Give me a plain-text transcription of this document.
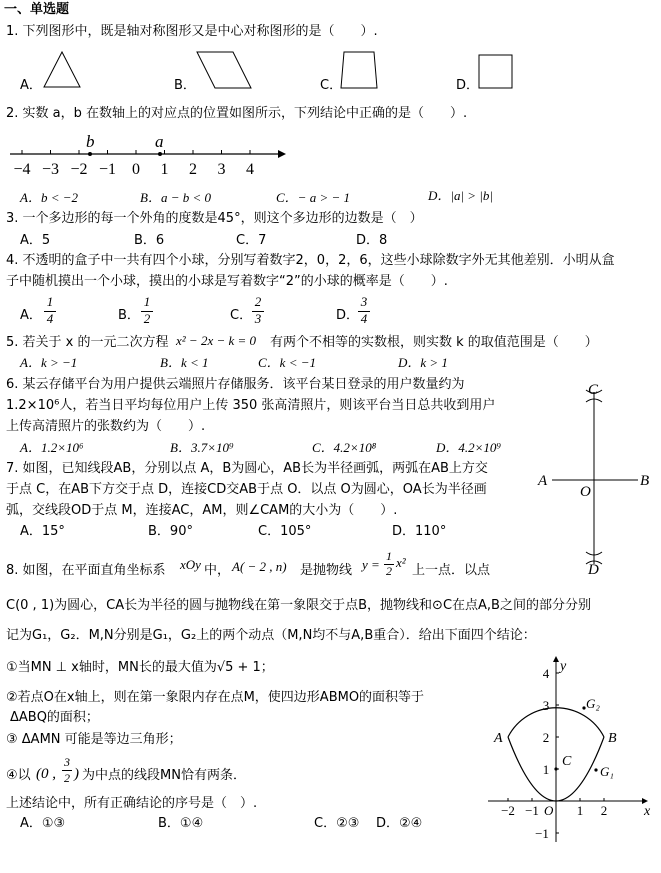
一、单选题
1. 下列图形中，既是轴对称图形又是中心对称图形的是（　　）.
A．	B．	C．	D．
2. 实数 a，b 在数轴上的对应点的位置如图所示，下列结论中正确的是（　　）.
−4 −3 −2 −1 0 1 2 3 4
b	a
A．b < −2	B．a − b < 0	C．− a > − 1	D．|a| > |b|
3. 一个多边形的每一个外角的度数是45°，则这个多边形的边数是（　）
A．5	B．6	C．7	D．8
4. 不透明的盒子中一共有四个小球，分别写着数字2，0，2，6，这些小球除数字外无其他差别．小明从盒
子中随机摸出一个小球，摸出的小球是写着数字“2”的小球的概率是（　　）.
A．
1
4	B．
1
2	C．
2
3	D．
3
4
5. 若关于 x 的一元二次方程 x² − 2x − k = 0 有两个不相等的实数根，则实数 k 的取值范围是（　　）
A．k > −1	B．k < 1	C．k < −1	D．k > 1
6. 某云存储平台为用户提供云端照片存储服务．该平台某日登录的用户数量约为
1.2×10⁶人，若当日平均每位用户上传 350 张高清照片，则该平台当日总共收到用户
上传高清照片的张数约为（　　）.
A．1.2×10⁶	B．3.7×10⁹	C．4.2×10⁸	D．4.2×10⁹
7. 如图，已知线段AB，分别以点 A，B为圆心，AB长为半径画弧，两弧在AB上方交
于点 C，在AB下方交于点 D，连接CD交AB于点 O．以点 O为圆心，OA长为半径画
弧，交线段OD于点 M，连接AC，AM，则∠CAM的大小为（　　）.
A．15°	B．90°	C．105°	D．110°
C
A	B
O
D
8. 如图，在平面直角坐标系 xOy 中， A( − 2 , n) 是抛物线 y =
1
2
x²
上一点．以点
C(0 , 1)为圆心，CA长为半径的圆与抛物线在第一象限交于点B，抛物线和⊙C在点A,B之间的部分分别
记为G₁，G₂．M,N分别是G₁，G₂上的两个动点（M,N均不与A,B重合）．给出下面四个结论：
①当MN ⊥ x轴时，MN长的最大值为√5 + 1；
②若点O在x轴上，则在第一象限内存在点M，使四边形ABMO的面积等于
ΔABQ的面积；
③ ΔAMN 可能是等边三角形；
④以 (0 ,
3
2 ) 为中点的线段MN恰有两条．
上述结论中，所有正确结论的序号是（　）.
A．①③	B．①④	C．②③ D．②④
4
3
2
1
−1
−2 −1	1 2
y
x
O
A	B
C
G₂
G₁
